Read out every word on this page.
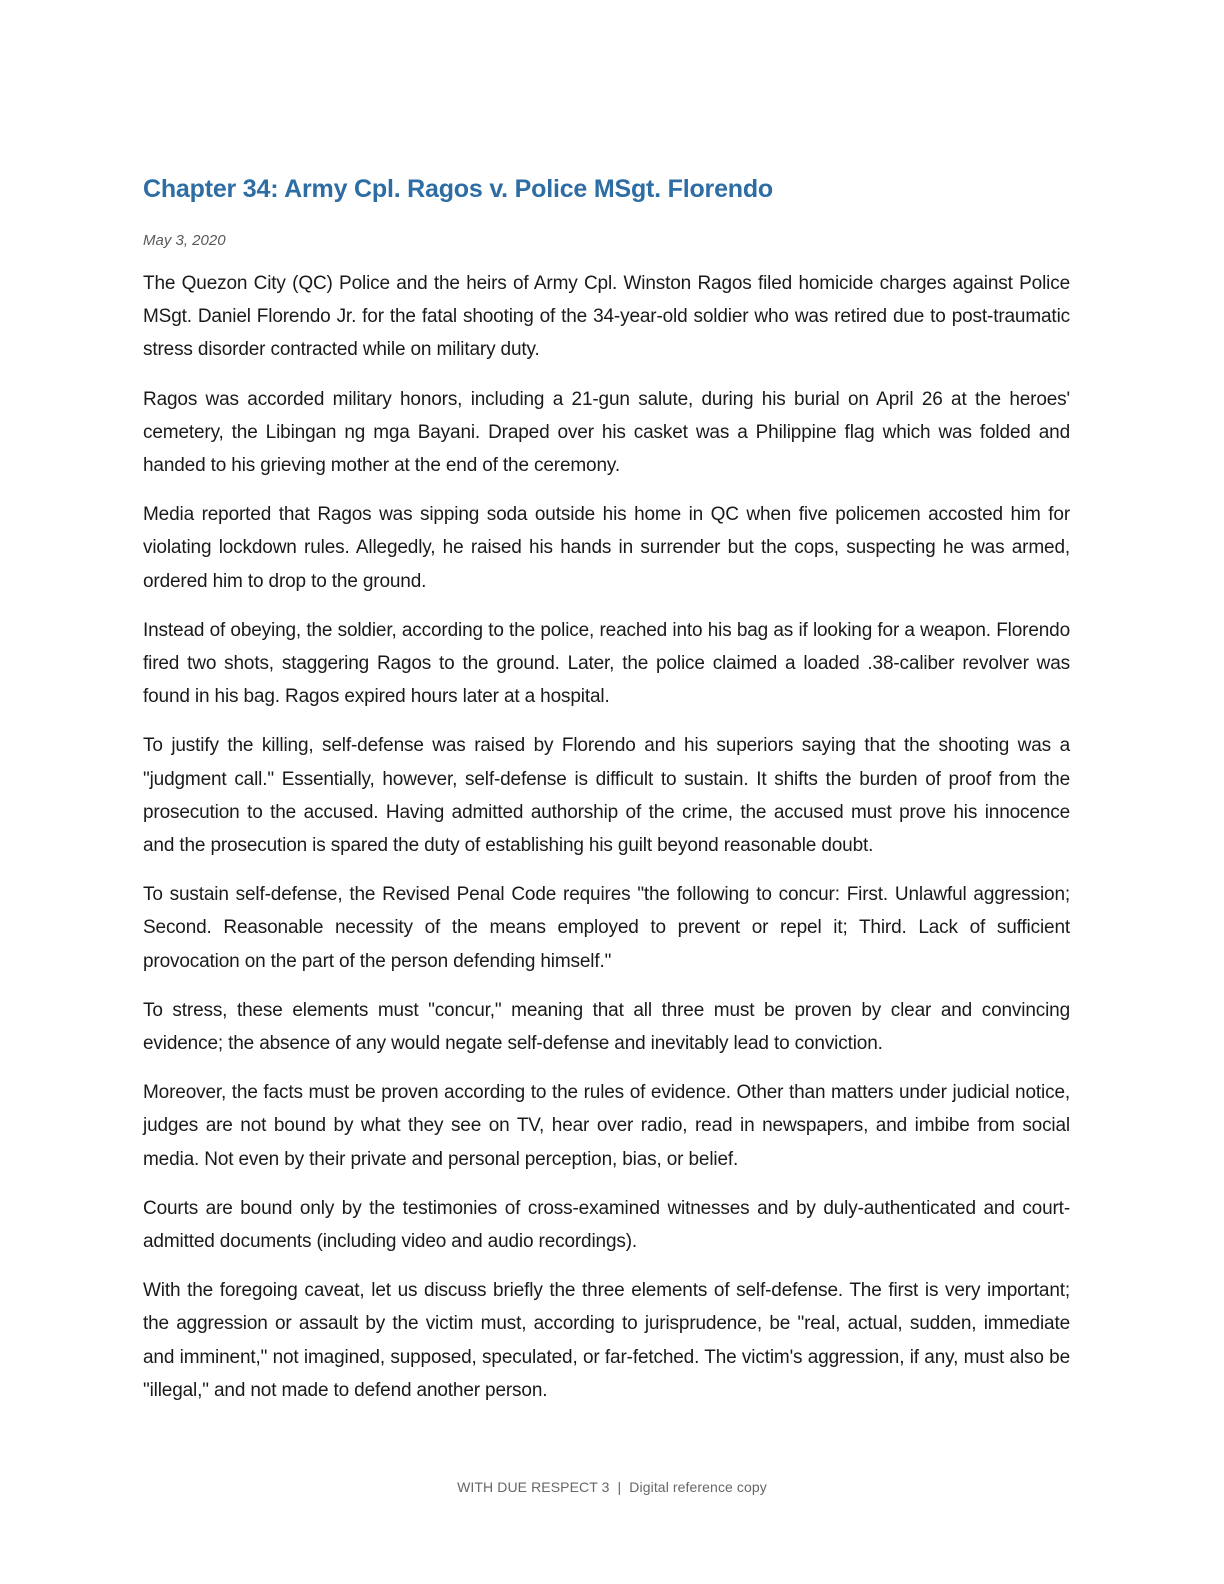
Chapter 34: Army Cpl. Ragos v. Police MSgt. Florendo
May 3, 2020

The Quezon City (QC) Police and the heirs of Army Cpl. Winston Ragos filed homicide charges against Police MSgt. Daniel Florendo Jr. for the fatal shooting of the 34-year-old soldier who was retired due to post-traumatic stress disorder contracted while on military duty.

Ragos was accorded military honors, including a 21-gun salute, during his burial on April 26 at the heroes' cemetery, the Libingan ng mga Bayani. Draped over his casket was a Philippine flag which was folded and handed to his grieving mother at the end of the ceremony.

Media reported that Ragos was sipping soda outside his home in QC when five policemen accosted him for violating lockdown rules. Allegedly, he raised his hands in surrender but the cops, suspecting he was armed, ordered him to drop to the ground.

Instead of obeying, the soldier, according to the police, reached into his bag as if looking for a weapon. Florendo fired two shots, staggering Ragos to the ground. Later, the police claimed a loaded .38-caliber revolver was found in his bag. Ragos expired hours later at a hospital.

To justify the killing, self-defense was raised by Florendo and his superiors saying that the shooting was a "judgment call." Essentially, however, self-defense is difficult to sustain. It shifts the burden of proof from the prosecution to the accused. Having admitted authorship of the crime, the accused must prove his innocence and the prosecution is spared the duty of establishing his guilt beyond reasonable doubt.

To sustain self-defense, the Revised Penal Code requires "the following to concur: First. Unlawful aggression; Second. Reasonable necessity of the means employed to prevent or repel it; Third. Lack of sufficient provocation on the part of the person defending himself."

To stress, these elements must "concur," meaning that all three must be proven by clear and convincing evidence; the absence of any would negate self-defense and inevitably lead to conviction.

Moreover, the facts must be proven according to the rules of evidence. Other than matters under judicial notice, judges are not bound by what they see on TV, hear over radio, read in newspapers, and imbibe from social media. Not even by their private and personal perception, bias, or belief.

Courts are bound only by the testimonies of cross-examined witnesses and by duly-authenticated and court-admitted documents (including video and audio recordings).

With the foregoing caveat, let us discuss briefly the three elements of self-defense. The first is very important; the aggression or assault by the victim must, according to jurisprudence, be "real, actual, sudden, immediate and imminent," not imagined, supposed, speculated, or far-fetched. The victim's aggression, if any, must also be "illegal," and not made to defend another person.

WITH DUE RESPECT 3 | Digital reference copy
